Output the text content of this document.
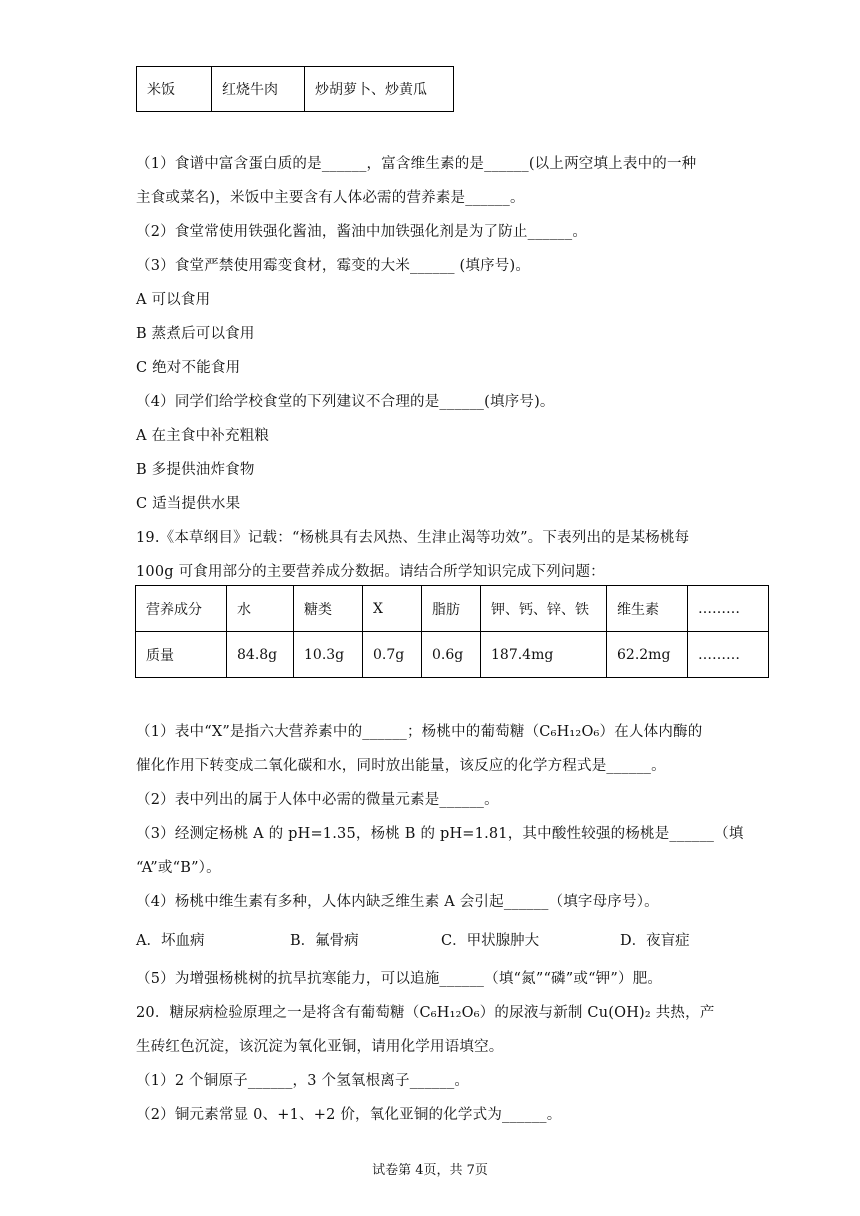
米饭	红烧牛肉	炒胡萝卜、炒黄瓜
（1）食谱中富含蛋白质的是______，富含维生素的是______(以上两空填上表中的一种
主食或菜名)，米饭中主要含有人体必需的营养素是______。
（2）食堂常使用铁强化酱油，酱油中加铁强化剂是为了防止______。
（3）食堂严禁使用霉变食材，霉变的大米______ (填序号)。
A 可以食用
B 蒸煮后可以食用
C 绝对不能食用
（4）同学们给学校食堂的下列建议不合理的是______(填序号)。
A 在主食中补充粗粮
B 多提供油炸食物
C 适当提供水果
19.《本草纲目》记载：“杨桃具有去风热、生津止渴等功效”。下表列出的是某杨桃每
100g 可食用部分的主要营养成分数据。请结合所学知识完成下列问题：
营养成分	水	糖类	X	脂肪	钾、钙、锌、铁	维生素	………
质量	84.8g	10.3g	0.7g	0.6g	187.4mg	62.2mg	………
（1）表中“X”是指六大营养素中的______；杨桃中的葡萄糖（C₆H₁₂O₆）在人体内酶的
催化作用下转变成二氧化碳和水，同时放出能量，该反应的化学方程式是______。
（2）表中列出的属于人体中必需的微量元素是______。
（3）经测定杨桃 A 的 pH=1.35，杨桃 B 的 pH=1.81，其中酸性较强的杨桃是______（填
“A”或“B”）。
（4）杨桃中维生素有多种，人体内缺乏维生素 A 会引起______（填字母序号）。
A．坏血病	B．氟骨病	C．甲状腺肿大	D．夜盲症
（5）为增强杨桃树的抗旱抗寒能力，可以追施______（填“氮”“磷”或“钾”）肥。
20．糖尿病检验原理之一是将含有葡萄糖（C₆H₁₂O₆）的尿液与新制 Cu(OH)₂ 共热，产
生砖红色沉淀，该沉淀为氧化亚铜，请用化学用语填空。
（1）2 个铜原子______，3 个氢氧根离子______。
（2）铜元素常显 0、+1、+2 价，氧化亚铜的化学式为______。
试卷第 4页，共 7页
